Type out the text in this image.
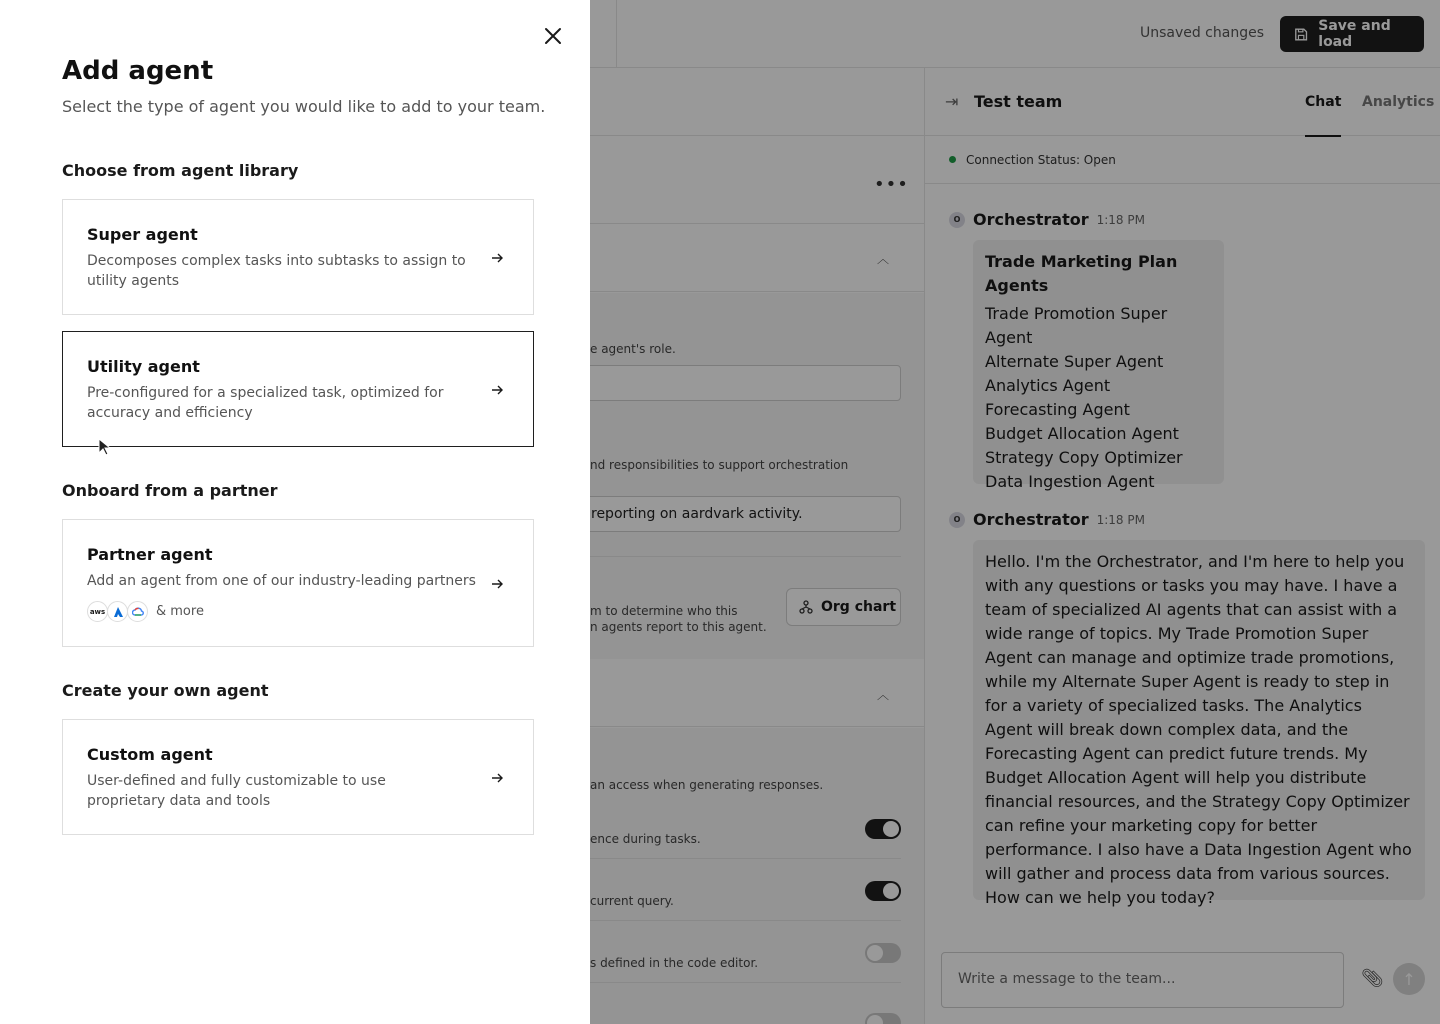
Unsaved changes	Save and load
•••
︿
e agent's role.
nd responsibilities to support orchestration
reporting on aardvark activity.
m to determine who this
n agents report to this agent.
Org chart
︿
an access when generating responses.
ence during tasks.
current query.
s defined in the code editor.
⇥ Test team	Chat Analytics
Connection Status: Open
O Orchestrator 1:18 PM
Trade Marketing Plan Agents
Trade Promotion Super Agent
Alternate Super Agent
Analytics Agent
Forecasting Agent
Budget Allocation Agent
Strategy Copy Optimizer
Data Ingestion Agent
O Orchestrator 1:18 PM
Hello. I'm the Orchestrator, and I'm here to help you with any questions or tasks you may have. I have a team of specialized AI agents that can assist with a wide range of topics. My Trade Promotion Super Agent can manage and optimize trade promotions, while my Alternate Super Agent is ready to step in for a variety of specialized tasks. The Analytics Agent will break down complex data, and the Forecasting Agent can predict future trends. My Budget Allocation Agent will help you distribute financial resources, and the Strategy Copy Optimizer can refine your marketing copy for better performance. I also have a Data Ingestion Agent who will gather and process data from various sources. How can we help you today?
Write a message to the team...	📎︎ ↑
Add agent

Select the type of agent you would like to add to your team.

Choose from agent library
Super agent
Decomposes complex tasks into subtasks to assign to utility agents
Utility agent
Pre-configured for a specialized task, optimized for accuracy and efficiency
Onboard from a partner
Partner agent
Add an agent from one of our industry-leading partners
aws	& more
Create your own agent
Custom agent
User-defined and fully customizable to use proprietary data and tools
